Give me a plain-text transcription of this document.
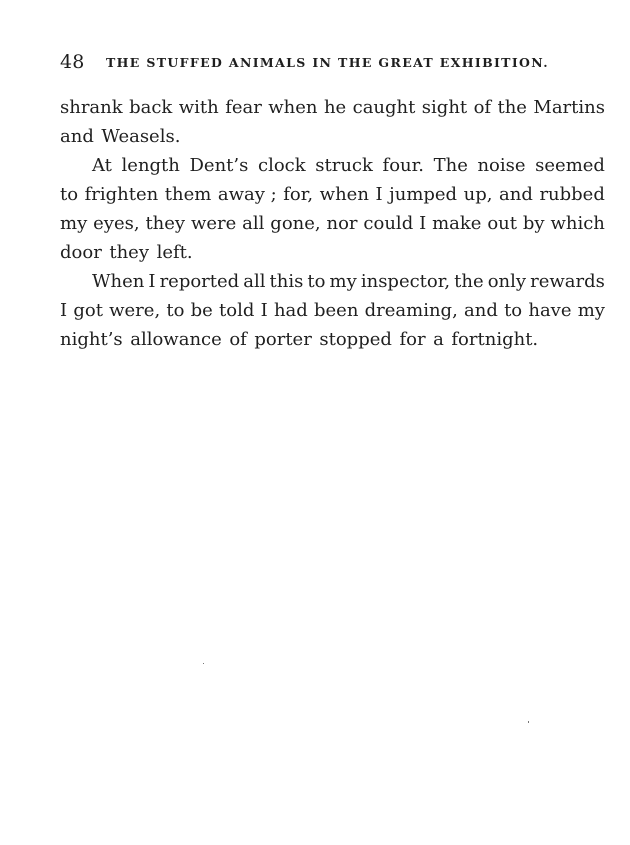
48 THE STUFFED ANIMALS IN THE GREAT EXHIBITION.
shrank back with fear when he caught sight of the Martins
and Weasels.
At length Dent’s clock struck four. The noise seemed
to frighten them away ; for, when I jumped up, and rubbed
my eyes, they were all gone, nor could I make out by which
door they left.
When I reported all this to my inspector, the only rewards
I got were, to be told I had been dreaming, and to have my
night’s allowance of porter stopped for a fortnight.
